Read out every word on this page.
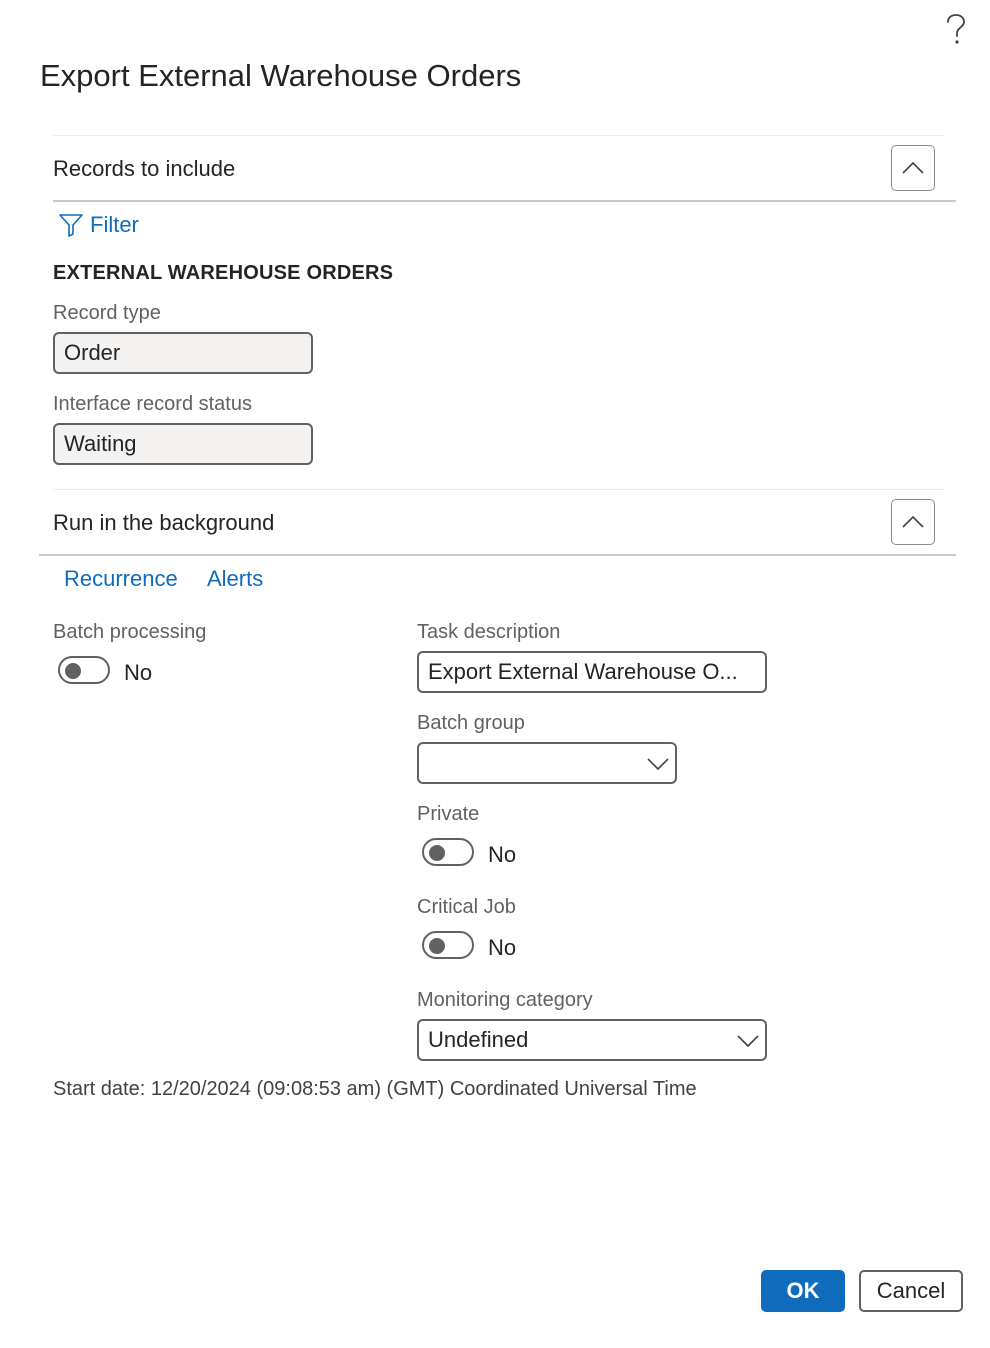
Export External Warehouse Orders
Records to include
Filter
EXTERNAL WAREHOUSE ORDERS
Record type
Order
Interface record status
Waiting
Run in the background
Recurrence Alerts
Batch processing
No
Task description
Export External Warehouse O...
Batch group
Private
No
Critical Job
No
Monitoring category
Undefined
Start date: 12/20/2024 (09:08:53 am) (GMT) Coordinated Universal Time
OK	Cancel
